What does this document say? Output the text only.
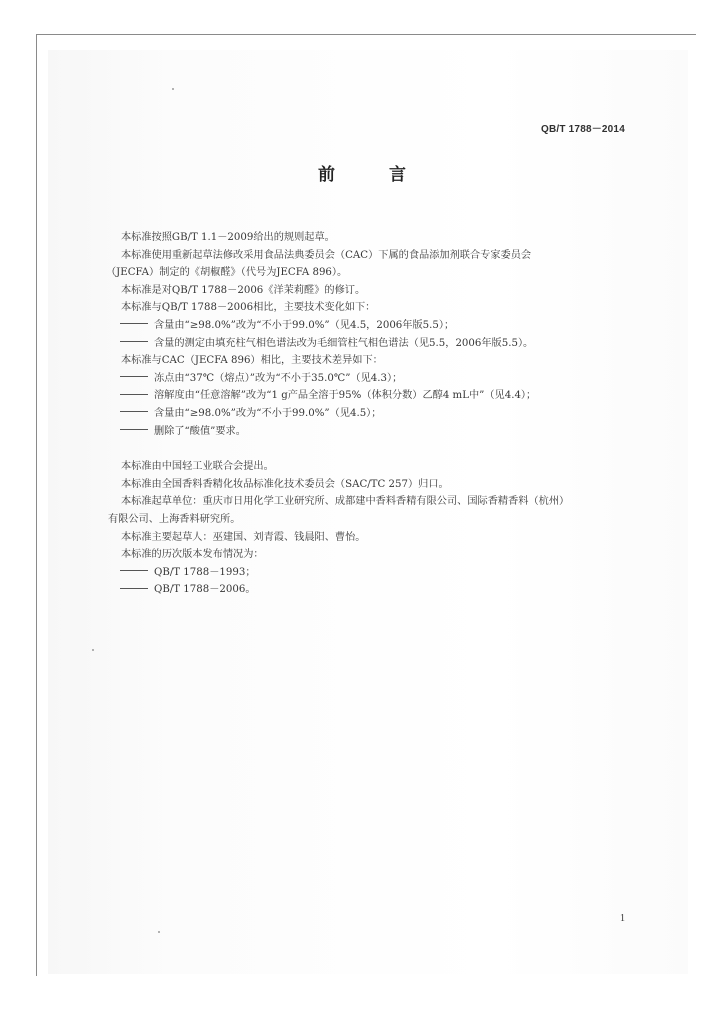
QB/T 1788－2014
前 言
本标准按照GB/T 1.1－2009给出的规则起草。
本标准使用重新起草法修改采用食品法典委员会（CAC）下属的食品添加剂联合专家委员会
（JECFA）制定的《胡椒醛》（代号为JECFA 896）。
本标准是对QB/T 1788－2006《洋茉莉醛》的修订。
本标准与QB/T 1788－2006相比，主要技术变化如下：
含量由“≥98.0%”改为“不小于99.0%”（见4.5，2006年版5.5）；
含量的测定由填充柱气相色谱法改为毛细管柱气相色谱法（见5.5，2006年版5.5）。
本标准与CAC（JECFA 896）相比，主要技术差异如下：
冻点由“37℃（熔点）”改为“不小于35.0℃”（见4.3）；
溶解度由“任意溶解”改为“1 g产品全溶于95%（体积分数）乙醇4 mL中”（见4.4）；
含量由“≥98.0%”改为“不小于99.0%”（见4.5）；
删除了“酸值”要求。
本标准由中国轻工业联合会提出。
本标准由全国香料香精化妆品标准化技术委员会（SAC/TC 257）归口。
本标准起草单位：重庆市日用化学工业研究所、成都建中香料香精有限公司、国际香精香料（杭州）
有限公司、上海香料研究所。
本标准主要起草人：巫建国、刘青霞、钱晨阳、曹怡。
本标准的历次版本发布情况为：
QB/T 1788－1993；
QB/T 1788－2006。
1
